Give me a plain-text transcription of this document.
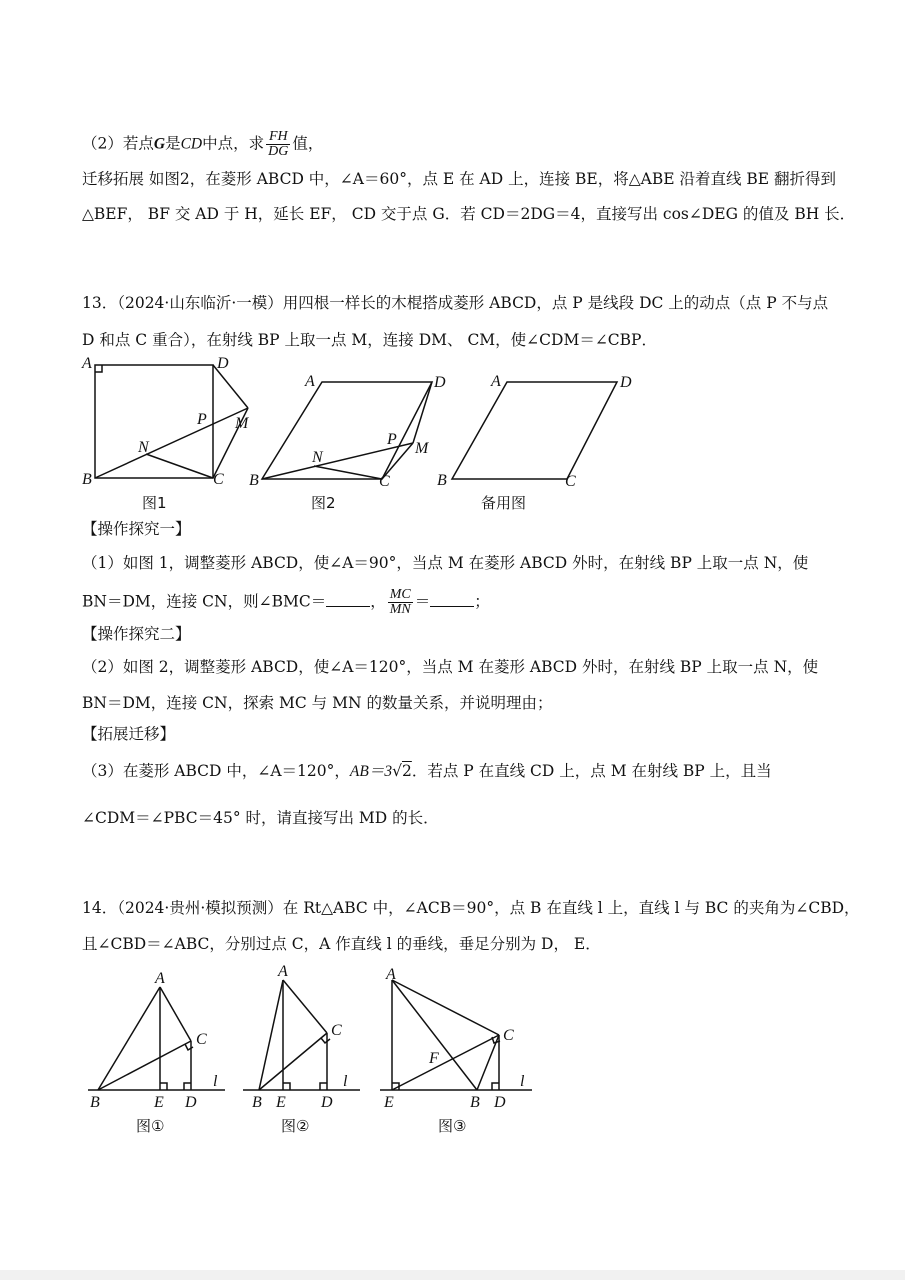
（2）若点G是CD中点，求 $\frac{FH}{DG}$ 值，
迁移拓展 如图2，在菱形 ABCD 中，∠A＝60°，点 E 在 AD 上，连接 BE，将△ABE 沿着直线 BE 翻折得到
△BEF， BF 交 AD 于 H，延长 EF， CD 交于点 G．若 CD＝2DG＝4，直接写出 cos∠DEG 的值及 BH 长．
13．（2024·山东临沂·一模）用四根一样长的木棍搭成菱形 ABCD，点 P 是线段 DC 上的动点（点 P 不与点
D 和点 C 重合），在射线 BP 上取一点 M，连接 DM、 CM，使∠CDM＝∠CBP．
A	D
B	C
P M
N
图1
A	D
B	C
P
M
N
图2
A	D
B	C
备用图
【操作探究一】
（1）如图 1，调整菱形 ABCD，使∠A＝90°，当点 M 在菱形 ABCD 外时，在射线 BP 上取一点 N，使
BN＝DM，连接 CN，则∠BMC＝	， $\frac{MC}{MN}$ ＝	；
【操作探究二】
（2）如图 2，调整菱形 ABCD，使∠A＝120°，当点 M 在菱形 ABCD 外时，在射线 BP 上取一点 N，使
BN＝DM，连接 CN，探索 MC 与 MN 的数量关系，并说明理由；
【拓展迁移】
（3）在菱形 ABCD 中，∠A＝120°，AB＝3√2．若点 P 在直线 CD 上，点 M 在射线 BP 上，且当
∠CDM＝∠PBC＝45° 时，请直接写出 MD 的长．
14．（2024·贵州·模拟预测）在 Rt△ABC 中，∠ACB＝90°，点 B 在直线 l 上，直线 l 与 BC 的夹角为∠CBD，
且∠CBD＝∠ABC，分别过点 C，A 作直线 l 的垂线，垂足分别为 D， E．
A
C
B	E D
l
图①
A
C
B E D
l
图②
A
C
F
E	B D
l
图③
